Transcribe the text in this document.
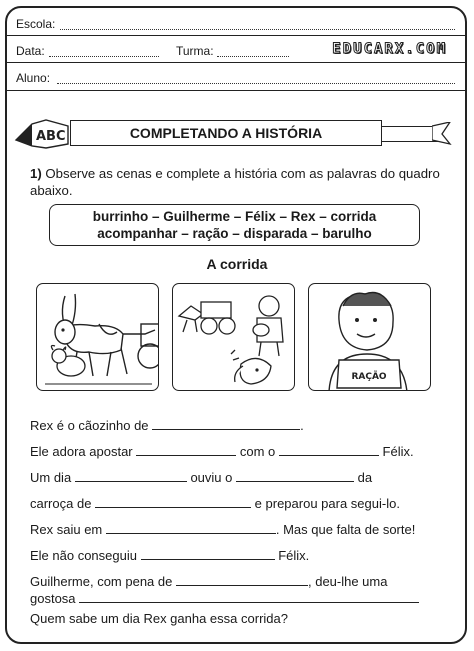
Escola:
Data:	Turma:	EDUCARX.COM
Aluno:
ABC	COMPLETANDO A HISTÓRIA
1) Observe as cenas e complete a história com as palavras do quadro abaixo.
burrinho – Guilherme – Félix – Rex – corrida
acompanhar – ração – disparada – barulho
A corrida
RAÇÃO
Rex é o cãozinho de	.
Ele adora apostar	com o	Félix.
Um dia	ouviu o	da
carroça de	e preparou para segui-lo.
Rex saiu em	. Mas que falta de sorte!
Ele não conseguiu	Félix.
Guilherme, com pena de	, deu-lhe uma
gostosa
Quem sabe um dia Rex ganha essa corrida?
